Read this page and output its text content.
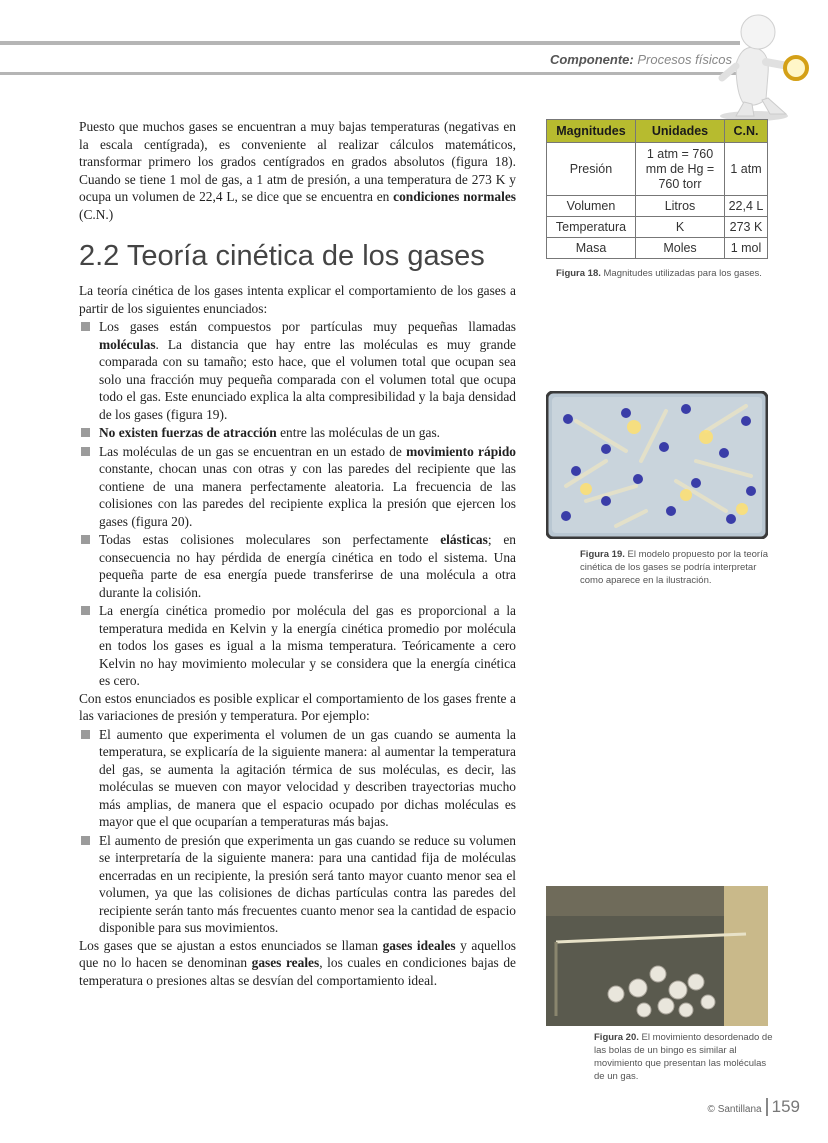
Componente: Procesos físicos

Puesto que muchos gases se encuentran a muy bajas temperaturas (negativas en la escala centígrada), es conveniente al realizar cálculos matemáticos, transformar primero los grados centígrados en grados absolutos (figura 18). Cuando se tiene 1 mol de gas, a 1 atm de presión, a una temperatura de 273 K y ocupa un volumen de 22,4 L, se dice que se encuentra en condiciones normales (C.N.)

2.2 Teoría cinética de los gases

La teoría cinética de los gases intenta explicar el comportamiento de los gases a partir de los siguientes enunciados:

Los gases están compuestos por partículas muy pequeñas llamadas moléculas. La distancia que hay entre las moléculas es muy grande comparada con su tamaño; esto hace, que el volumen total que ocupan sea solo una fracción muy pequeña comparada con el volumen total que ocupa todo el gas. Este enunciado explica la alta compresibilidad y la baja densidad de los gases (figura 19).
No existen fuerzas de atracción entre las moléculas de un gas.
Las moléculas de un gas se encuentran en un estado de movimiento rápido constante, chocan unas con otras y con las paredes del recipiente que las contiene de una manera perfectamente aleatoria. La frecuencia de las colisiones con las paredes del recipiente explica la presión que ejercen los gases (figura 20).
Todas estas colisiones moleculares son perfectamente elásticas; en consecuencia no hay pérdida de energía cinética en todo el sistema. Una pequeña parte de esa energía puede transferirse de una molécula a otra durante la colisión.
La energía cinética promedio por molécula del gas es proporcional a la temperatura medida en Kelvin y la energía cinética promedio por molécula en todos los gases es igual a la misma temperatura. Teóricamente a cero Kelvin no hay movimiento molecular y se considera que la energía cinética es cero.

Con estos enunciados es posible explicar el comportamiento de los gases frente a las variaciones de presión y temperatura. Por ejemplo:

El aumento que experimenta el volumen de un gas cuando se aumenta la temperatura, se explicaría de la siguiente manera: al aumentar la temperatura del gas, se aumenta la agitación térmica de sus moléculas, es decir, las moléculas se mueven con mayor velocidad y describen trayectorias mucho más amplias, de manera que el espacio ocupado por dichas moléculas es mayor que el que ocuparían a temperaturas más bajas.
El aumento de presión que experimenta un gas cuando se reduce su volumen se interpretaría de la siguiente manera: para una cantidad fija de moléculas encerradas en un recipiente, la presión será tanto mayor cuanto menor sea el volumen, ya que las colisiones de dichas partículas contra las paredes del recipiente serán tanto más frecuentes cuanto menor sea la cantidad de espacio disponible para sus movimientos.

Los gases que se ajustan a estos enunciados se llaman gases ideales y aquellos que no lo hacen se denominan gases reales, los cuales en condiciones bajas de temperatura o presiones altas se desvían del comportamiento ideal.

Magnitudes	Unidades	C.N.
Presión	1 atm = 760 mm de Hg = 760 torr	1 atm
Volumen	Litros	22,4 L
Temperatura	K	273 K
Masa	Moles	1 mol
Figura 18. Magnitudes utilizadas para los gases.
Figura 19. El modelo propuesto por la teoría cinética de los gases se podría interpretar como aparece en la ilustración.
Figura 20. El movimiento desordenado de las bolas de un bingo es similar al movimiento que presentan las moléculas de un gas.
© Santillana 159
